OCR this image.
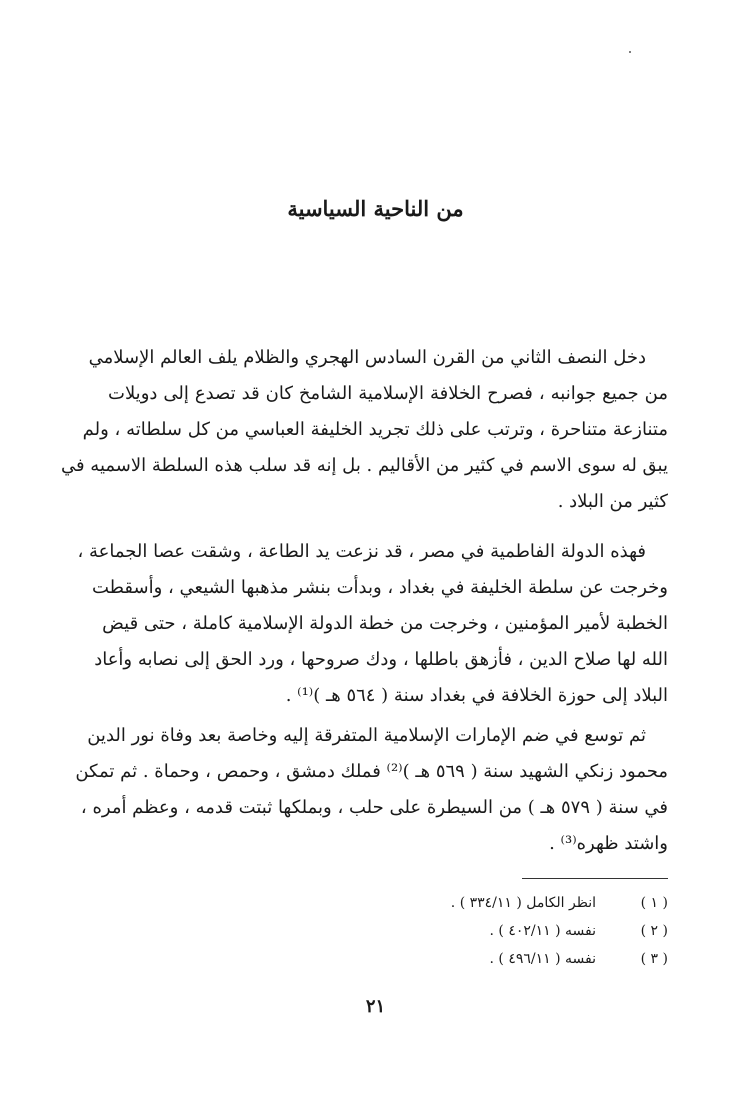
من الناحية السياسية
دخل النصف الثاني من القرن السادس الهجري والظلام يلف العالم الإسلامي
من جميع جوانبه ، فصرح الخلافة الإسلامية الشامخ كان قد تصدع إلى دويلات
متنازعة متناحرة ، وترتب على ذلك تجريد الخليفة العباسي من كل سلطاته ، ولم
يبق له سوى الاسم في كثير من الأقاليم . بل إنه قد سلب هذه السلطة الاسميه في
كثير من البلاد .
فهذه الدولة الفاطمية في مصر ، قد نزعت يد الطاعة ، وشقت عصا الجماعة ،
وخرجت عن سلطة الخليفة في بغداد ، وبدأت بنشر مذهبها الشيعي ، وأسقطت
الخطبة لأمير المؤمنين ، وخرجت من خطة الدولة الإسلامية كاملة ، حتى قيض
الله لها صلاح الدين ، فأزهق باطلها ، ودك صروحها ، ورد الحق إلى نصابه وأعاد
البلاد إلى حوزة الخلافة في بغداد سنة ( ٥٦٤ هـ )⁽¹⁾ .
ثم توسع في ضم الإمارات الإسلامية المتفرقة إليه وخاصة بعد وفاة نور الدين
محمود زنكي الشهيد سنة ( ٥٦٩ هـ )⁽²⁾ فملك دمشق ، وحمص ، وحماة . ثم تمكن
في سنة ( ٥٧٩ هـ ) من السيطرة على حلب ، وبملكها ثبتت قدمه ، وعظم أمره ،
واشتد ظهره⁽³⁾ .
( ١ )
انظر الكامل ( ٣٣٤/١١ ) .
( ٢ )
نفسه ( ٤٠٢/١١ ) .
( ٣ )
نفسه ( ٤٩٦/١١ ) .
٢١
